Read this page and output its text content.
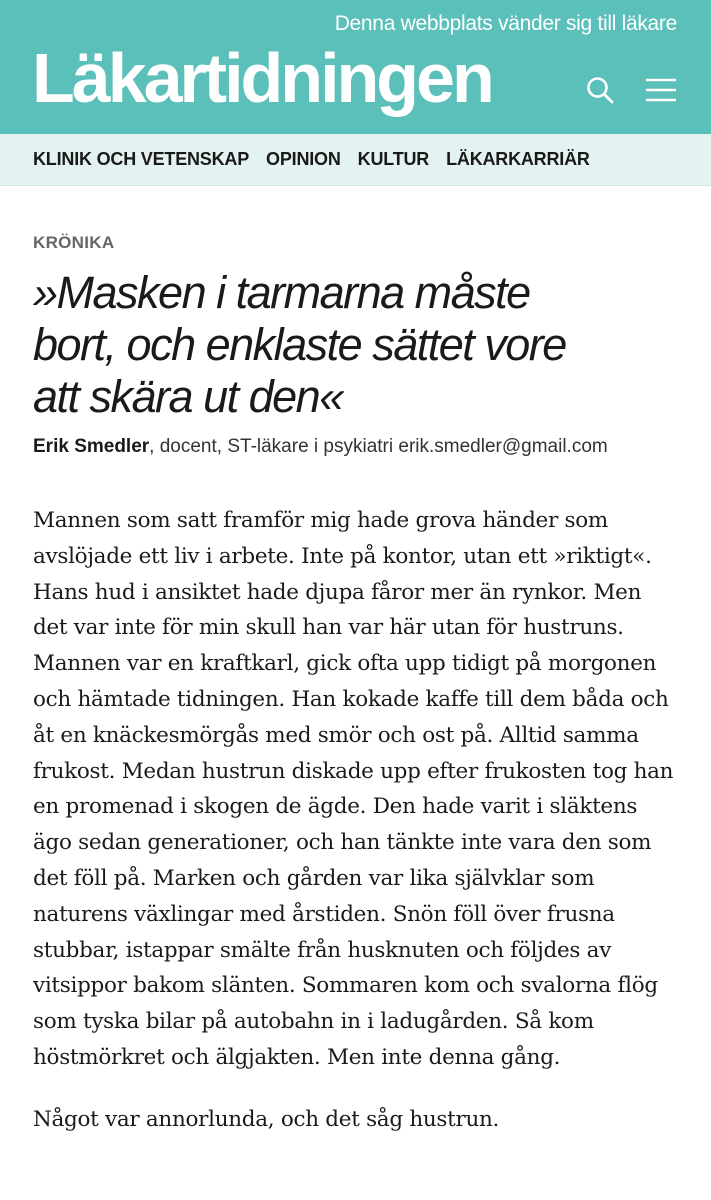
Denna webbplats vänder sig till läkare
Läkartidningen
KLINIK OCH VETENSKAP OPINION KULTUR LÄKARKARRIÄR
KRÖNIKA
»Masken i tarmarna måste bort, och enklaste sättet vore att skära ut den«
Erik Smedler, docent, ST-läkare i psykiatri erik.smedler@gmail.com

Mannen som satt framför mig hade grova händer som avslöjade ett liv i arbete. Inte på kontor, utan ett »riktigt«. Hans hud i ansiktet hade djupa fåror mer än rynkor. Men det var inte för min skull han var här utan för hustruns. Mannen var en kraftkarl, gick ofta upp tidigt på morgonen och hämtade tidningen. Han kokade kaffe till dem båda och åt en knäckesmörgås med smör och ost på. Alltid samma frukost. Medan hustrun diskade upp efter frukosten tog han en promenad i skogen de ägde. Den hade varit i släktens ägo sedan generationer, och han tänkte inte vara den som det föll på. Marken och gården var lika självklar som naturens växlingar med årstiden. Snön föll över frusna stubbar, istappar smälte från husknuten och följdes av vitsippor bakom slänten. Sommaren kom och svalorna flög som tyska bilar på autobahn in i ladugården. Så kom höstmörkret och älgjakten. Men inte denna gång.

Något var annorlunda, och det såg hustrun.
